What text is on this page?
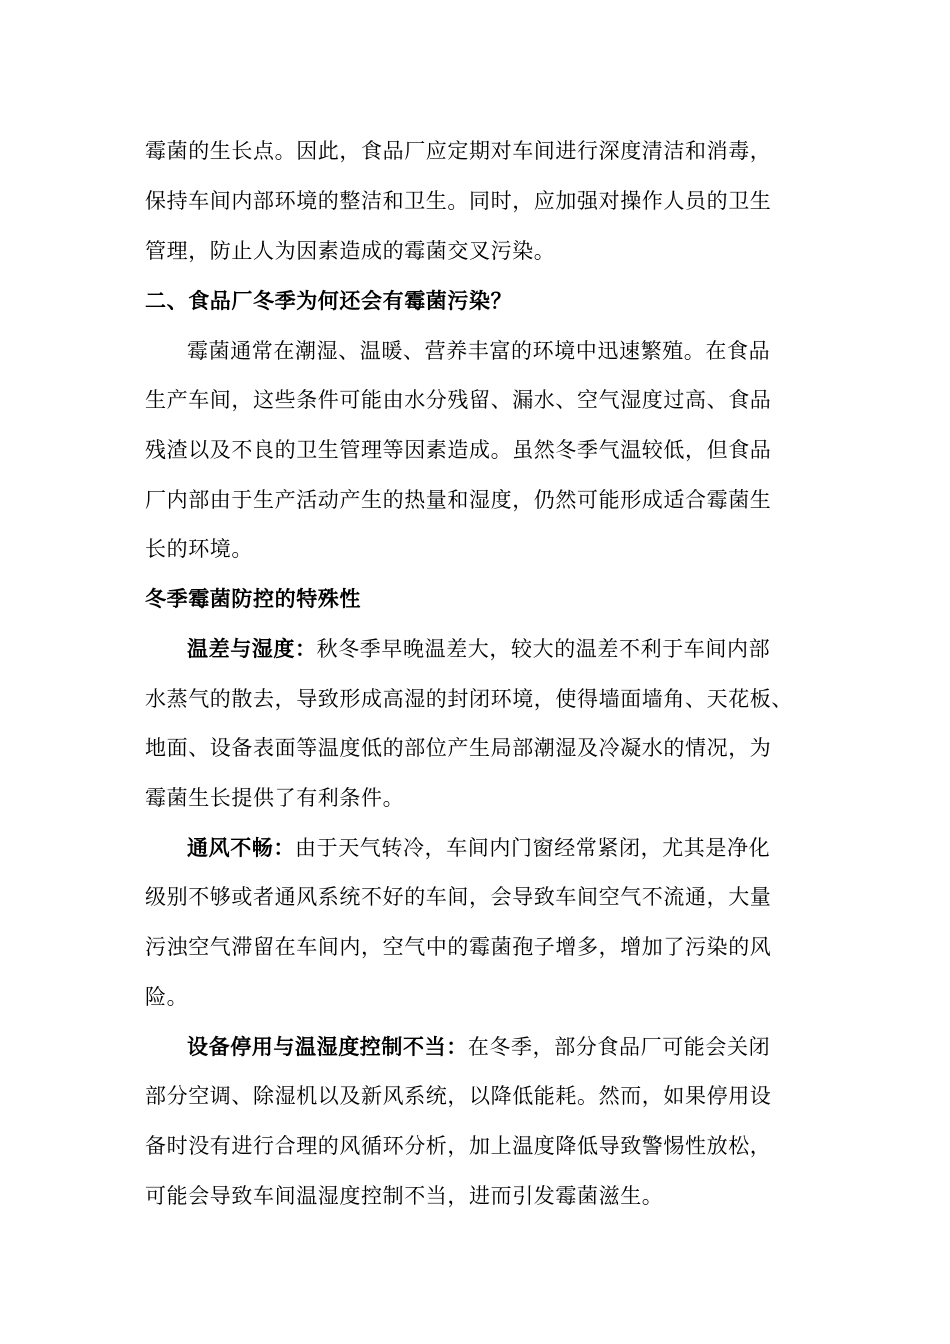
霉菌的生长点。因此，食品厂应定期对车间进行深度清洁和消毒，
保持车间内部环境的整洁和卫生。同时，应加强对操作人员的卫生
管理，防止人为因素造成的霉菌交叉污染。
二、食品厂冬季为何还会有霉菌污染？
霉菌通常在潮湿、温暖、营养丰富的环境中迅速繁殖。在食品
生产车间，这些条件可能由水分残留、漏水、空气湿度过高、食品
残渣以及不良的卫生管理等因素造成。虽然冬季气温较低，但食品
厂内部由于生产活动产生的热量和湿度，仍然可能形成适合霉菌生
长的环境。
冬季霉菌防控的特殊性
温差与湿度：秋冬季早晚温差大，较大的温差不利于车间内部
水蒸气的散去，导致形成高湿的封闭环境，使得墙面墙角、天花板、
地面、设备表面等温度低的部位产生局部潮湿及冷凝水的情况，为
霉菌生长提供了有利条件。
通风不畅：由于天气转冷，车间内门窗经常紧闭，尤其是净化
级别不够或者通风系统不好的车间，会导致车间空气不流通，大量
污浊空气滞留在车间内，空气中的霉菌孢子增多，增加了污染的风
险。
设备停用与温湿度控制不当：在冬季，部分食品厂可能会关闭
部分空调、除湿机以及新风系统，以降低能耗。然而，如果停用设
备时没有进行合理的风循环分析，加上温度降低导致警惕性放松，
可能会导致车间温湿度控制不当，进而引发霉菌滋生。
